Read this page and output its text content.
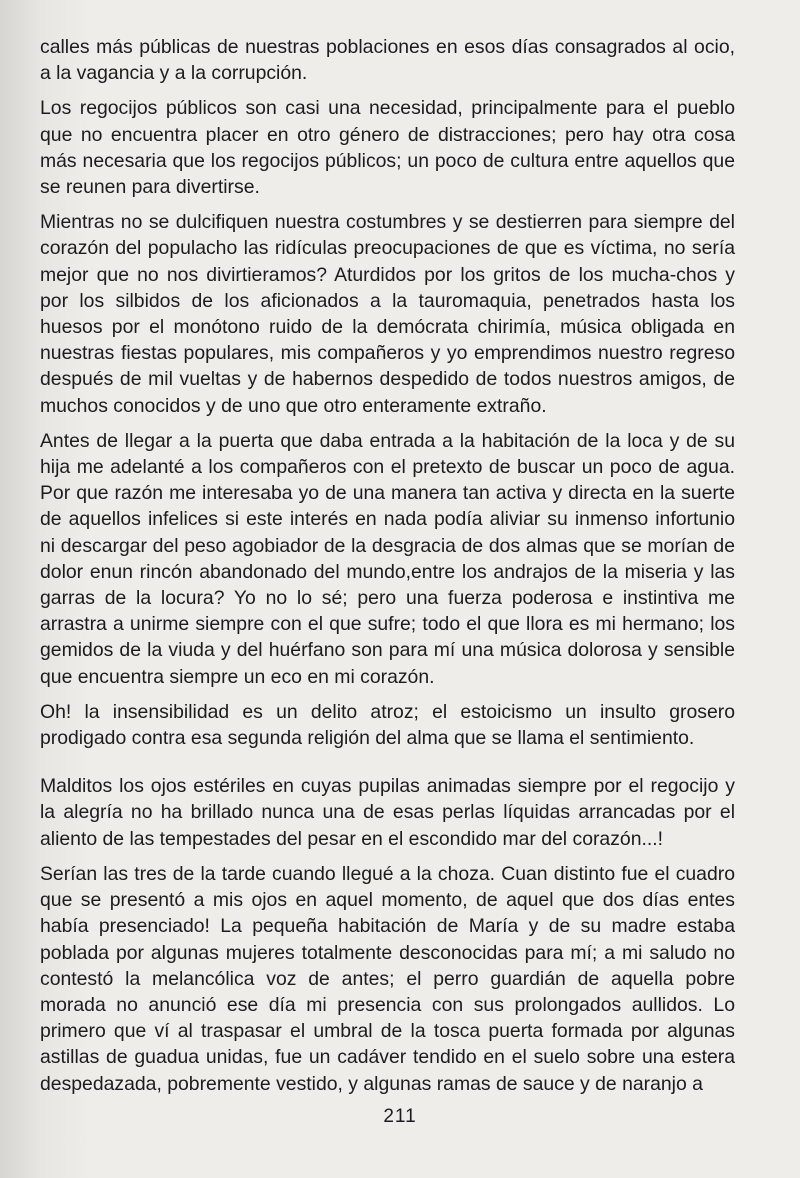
calles más públicas de nuestras poblaciones en esos días consagrados al ocio, a la vagancia y a la corrupción.

Los regocijos públicos son casi una necesidad, principalmente para el pueblo que no encuentra placer en otro género de distracciones; pero hay otra cosa más necesaria que los regocijos públicos; un poco de cultura entre aquellos que se reunen para divertirse.

Mientras no se dulcifiquen nuestra costumbres y se destierren para siempre del corazón del populacho las ridículas preocupaciones de que es víctima, no sería mejor que no nos divirtieramos? Aturdidos por los gritos de los mucha-chos y por los silbidos de los aficionados a la tauromaquia, penetrados hasta los huesos por el monótono ruido de la demócrata chirimía, música obligada en nuestras fiestas populares, mis compañeros y yo emprendimos nuestro regreso después de mil vueltas y de habernos despedido de todos nuestros amigos, de muchos conocidos y de uno que otro enteramente extraño.

Antes de llegar a la puerta que daba entrada a la habitación de la loca y de su hija me adelanté a los compañeros con el pretexto de buscar un poco de agua. Por que razón me interesaba yo de una manera tan activa y directa en la suerte de aquellos infelices si este interés en nada podía aliviar su inmenso infortunio ni descargar del peso agobiador de la desgracia de dos almas que se morían de dolor enun rincón abandonado del mundo,entre los andrajos de la miseria y las garras de la locura? Yo no lo sé; pero una fuerza poderosa e instintiva me arrastra a unirme siempre con el que sufre; todo el que llora es mi hermano; los gemidos de la viuda y del huérfano son para mí una música dolorosa y sensible que encuentra siempre un eco en mi corazón.

Oh! la insensibilidad es un delito atroz; el estoicismo un insulto grosero prodigado contra esa segunda religión del alma que se llama el sentimiento.

Malditos los ojos estériles en cuyas pupilas animadas siempre por el regocijo y la alegría no ha brillado nunca una de esas perlas líquidas arrancadas por el aliento de las tempestades del pesar en el escondido mar del corazón...!

Serían las tres de la tarde cuando llegué a la choza. Cuan distinto fue el cuadro que se presentó a mis ojos en aquel momento, de aquel que dos días entes había presenciado! La pequeña habitación de María y de su madre estaba poblada por algunas mujeres totalmente desconocidas para mí; a mi saludo no contestó la melancólica voz de antes; el perro guardián de aquella pobre morada no anunció ese día mi presencia con sus prolongados aullidos. Lo primero que ví al traspasar el umbral de la tosca puerta formada por algunas astillas de guadua unidas, fue un cadáver tendido en el suelo sobre una estera despedazada, pobremente vestido, y algunas ramas de sauce y de naranjo a

211
